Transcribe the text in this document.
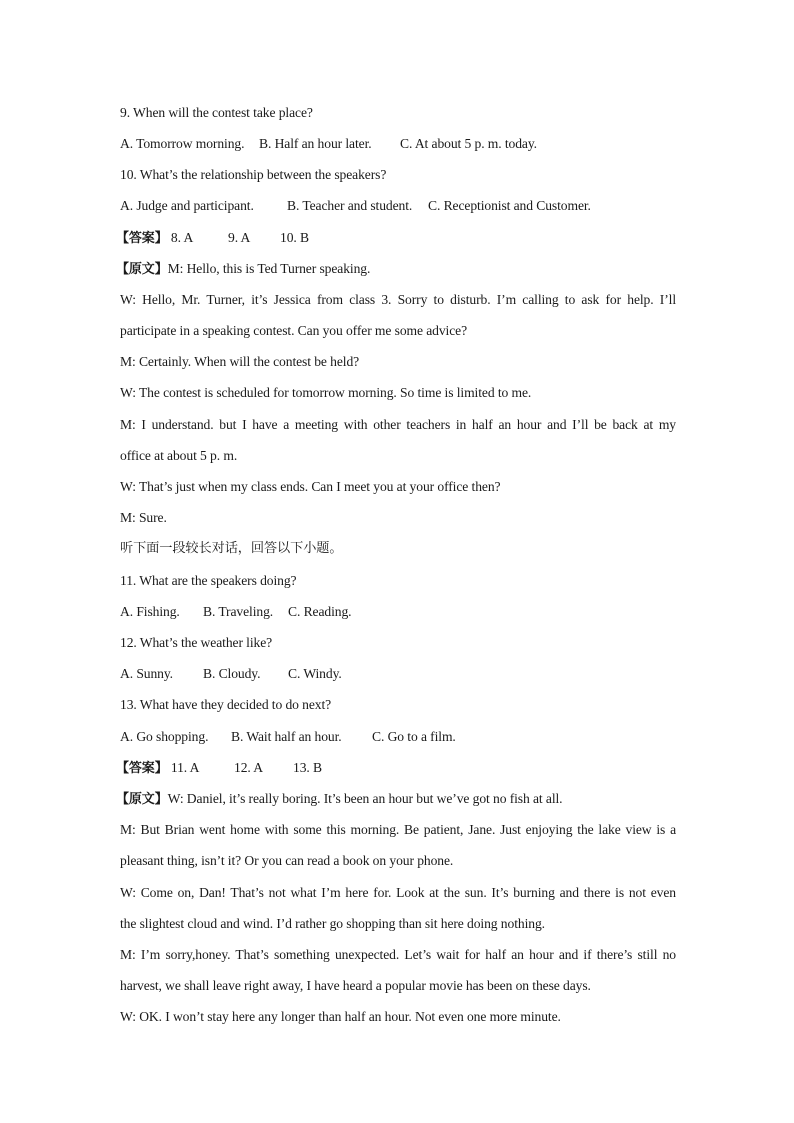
9. When will the contest take place?
A. Tomorrow morning. B. Half an hour later. C. At about 5 p. m. today.
10. What’s the relationship between the speakers?
A. Judge and participant. B. Teacher and student. C. Receptionist and Customer.
【答案】 8. A	9. A 10. B
【原文】M: Hello, this is Ted Turner speaking.
W: Hello, Mr. Turner, it’s Jessica from class 3. Sorry to disturb. I’m calling to ask for help. I’ll
participate in a speaking contest. Can you offer me some advice?
M: Certainly. When will the contest be held?
W: The contest is scheduled for tomorrow morning. So time is limited to me.
M: I understand. but I have a meeting with other teachers in half an hour and I’ll be back at my
office at about 5 p. m.
W: That’s just when my class ends. Can I meet you at your office then?
M: Sure.
听下面一段较长对话，回答以下小题。
11. What are the speakers doing?
A. Fishing. B. Traveling. C. Reading.
12. What’s the weather like?
A. Sunny. B. Cloudy. C. Windy.
13. What have they decided to do next?
A. Go shopping. B. Wait half an hour. C. Go to a film.
【答案】 11. A	12. A 13. B
【原文】W: Daniel, it’s really boring. It’s been an hour but we’ve got no fish at all.
M: But Brian went home with some this morning. Be patient, Jane. Just enjoying the lake view is a
pleasant thing, isn’t it? Or you can read a book on your phone.
W: Come on, Dan! That’s not what I’m here for. Look at the sun. It’s burning and there is not even
the slightest cloud and wind. I’d rather go shopping than sit here doing nothing.
M: I’m sorry,honey. That’s something unexpected. Let’s wait for half an hour and if there’s still no
harvest, we shall leave right away, I have heard a popular movie has been on these days.
W: OK. I won’t stay here any longer than half an hour. Not even one more minute.
